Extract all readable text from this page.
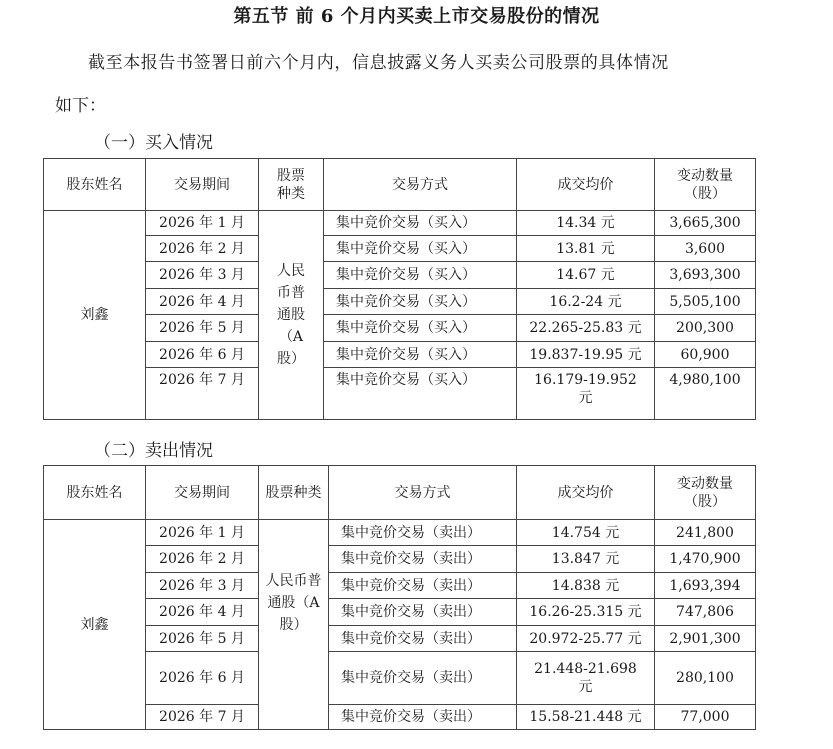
第五节 前 6 个月内买卖上市交易股份的情况
截至本报告书签署日前六个月内，信息披露义务人买卖公司股票的具体情况
如下：
（一）买入情况
股东姓名	交易期间	股票种类	交易方式	成交均价	变动数量（股）
刘鑫	2026 年 1 月	人民币普通股（A股）	集中竞价交易（买入）	14.34 元	3,665,300
	2026 年 2 月		集中竞价交易（买入）	13.81 元	3,600
	2026 年 3 月		集中竞价交易（买入）	14.67 元	3,693,300
	2026 年 4 月		集中竞价交易（买入）	16.2-24 元	5,505,100
	2026 年 5 月		集中竞价交易（买入）	22.265-25.83 元	200,300
	2026 年 6 月		集中竞价交易（买入）	19.837-19.95 元	60,900
	2026 年 7 月		集中竞价交易（买入）	16.179-19.952 元	4,980,100
（二）卖出情况
股东姓名	交易期间	股票种类	交易方式	成交均价	变动数量（股）
刘鑫	2026 年 1 月	人民币普通股（A股）	集中竞价交易（卖出）	14.754 元	241,800
	2026 年 2 月		集中竞价交易（卖出）	13.847 元	1,470,900
	2026 年 3 月		集中竞价交易（卖出）	14.838 元	1,693,394
	2026 年 4 月		集中竞价交易（卖出）	16.26-25.315 元	747,806
	2026 年 5 月		集中竞价交易（卖出）	20.972-25.77 元	2,901,300
	2026 年 6 月		集中竞价交易（卖出）	21.448-21.698 元	280,100
	2026 年 7 月		集中竞价交易（卖出）	15.58-21.448 元	77,000
